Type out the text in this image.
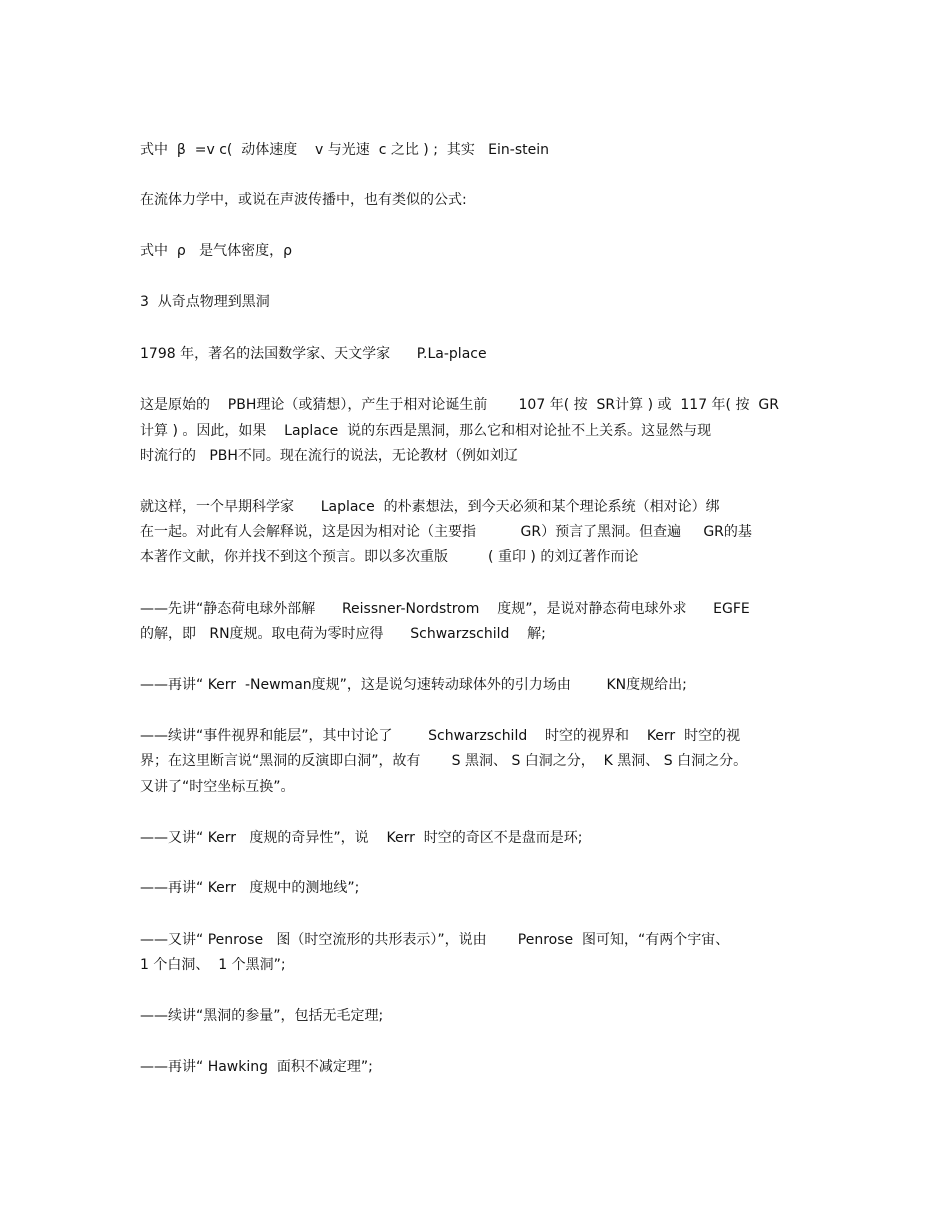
式中  β  =v c(  动体速度    v 与光速  c 之比 ) ;  其实   Ein‐stein
在流体力学中，或说在声波传播中，也有类似的公式:
式中  ρ   是气体密度，ρ
3  从奇点物理到黑洞
1798 年，著名的法国数学家、天文学家      P.La‐place
这是原始的    PBH理论（或猜想），产生于相对论诞生前       107 年( 按  SR计算 ) 或  117 年( 按  GR
计算 ) 。因此，如果    Laplace  说的东西是黑洞，那么它和相对论扯不上关系。这显然与现
时流行的   PBH不同。现在流行的说法，无论教材（例如刘辽
就这样，一个早期科学家      Laplace  的朴素想法，到今天必须和某个理论系统（相对论）绑
在一起。对此有人会解释说，这是因为相对论（主要指          GR）预言了黑洞。但查遍     GR的基
本著作文献，你并找不到这个预言。即以多次重版         ( 重印 ) 的刘辽著作而论
——先讲“静态荷电球外部解      Reissner-Nordstrom    度规”，是说对静态荷电球外求      EGFE
的解，即   RN度规。取电荷为零时应得      Schwarzschild    解;
——再讲“ Kerr  -Newman度规”，这是说匀速转动球体外的引力场由        KN度规给出;
——续讲“事件视界和能层”，其中讨论了        Schwarzschild    时空的视界和    Kerr  时空的视
界；在这里断言说“黑洞的反演即白洞”，故有       S 黑洞、 S 白洞之分，  K 黑洞、 S 白洞之分。
又讲了“时空坐标互换”。
——又讲“ Kerr   度规的奇异性”，说    Kerr  时空的奇区不是盘而是环;
——再讲“ Kerr   度规中的测地线”;
——又讲“ Penrose   图（时空流形的共形表示）”，说由       Penrose  图可知，“有两个宇宙、
1 个白洞、  1 个黑洞”;
——续讲“黑洞的参量”，包括无毛定理;
——再讲“ Hawking  面积不减定理”;
